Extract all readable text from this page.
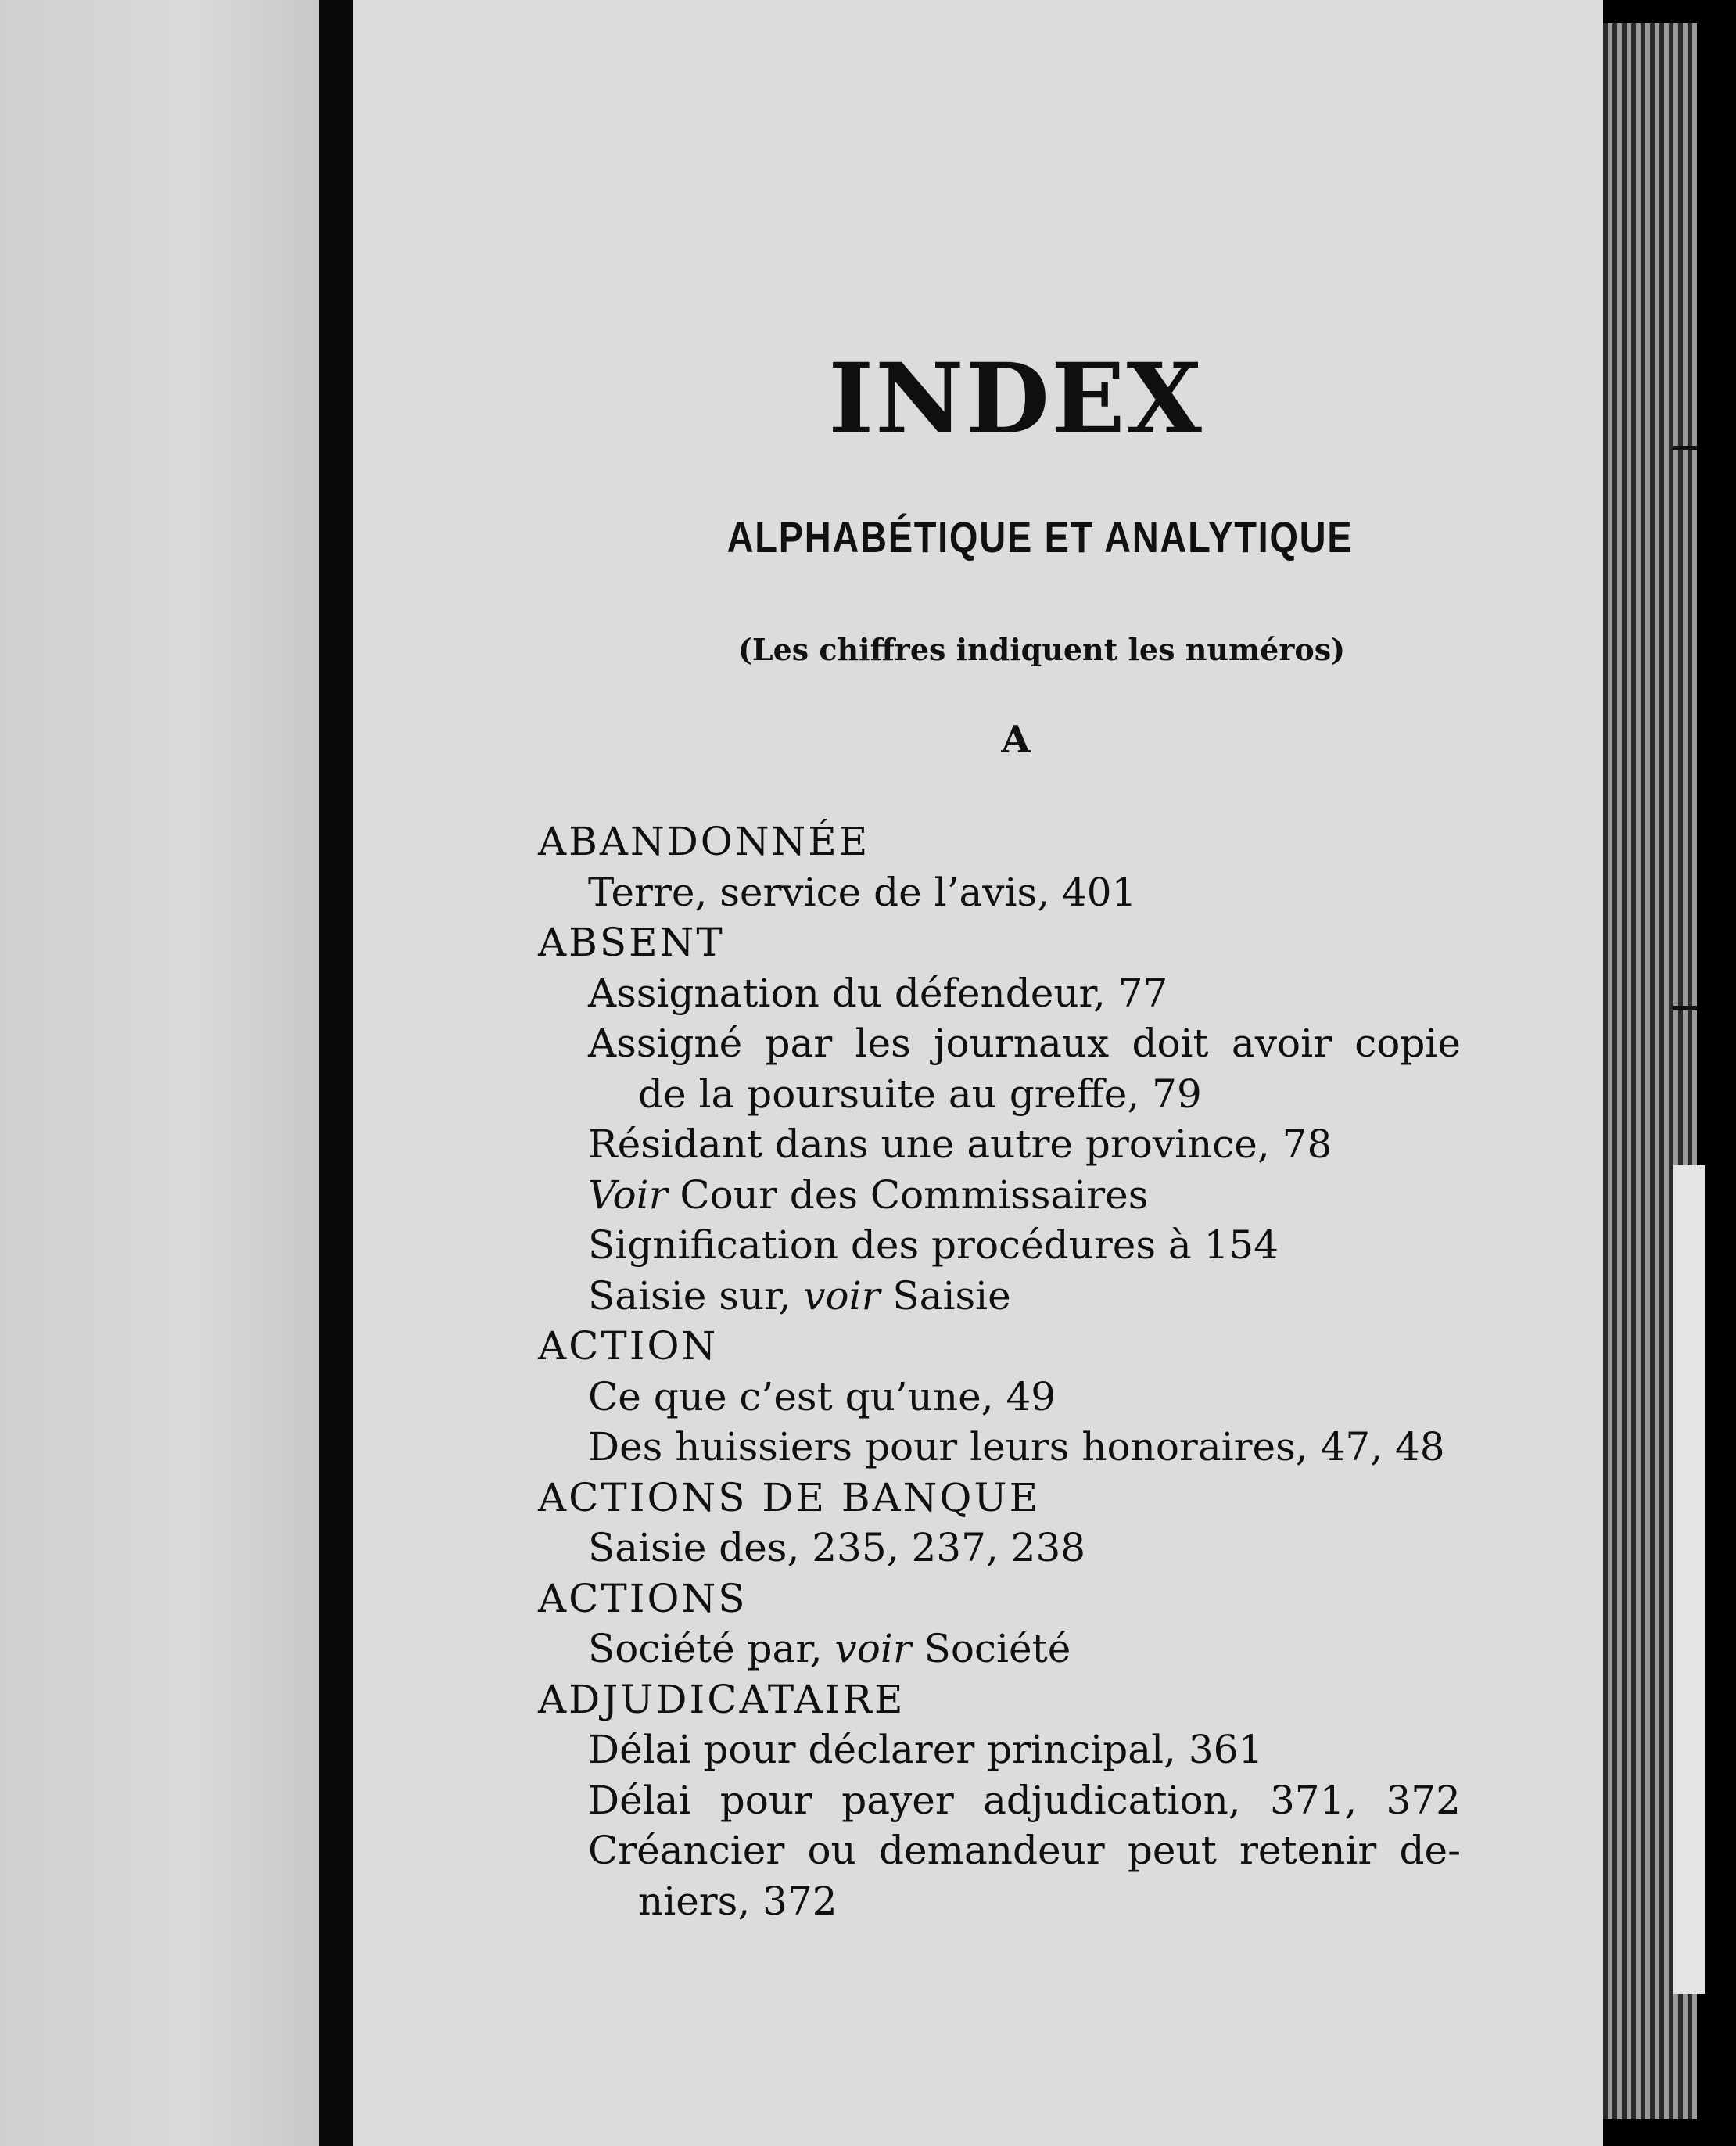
INDEX
ALPHABÉTIQUE ET ANALYTIQUE
(Les chiffres indiquent les numéros)
A
ABANDONNÉE
Terre, service de l’avis, 401
ABSENT
Assignation du défendeur, 77
Assigné par les journaux doit avoir copie
de la poursuite au greffe, 79
Résidant dans une autre province, 78
Voir Cour des Commissaires
Signification des procédures à 154
Saisie sur, voir Saisie
ACTION
Ce que c’est qu’une, 49
Des huissiers pour leurs honoraires, 47, 48
ACTIONS DE BANQUE
Saisie des, 235, 237, 238
ACTIONS
Société par, voir Société
ADJUDICATAIRE
Délai pour déclarer principal, 361
Délai pour payer adjudication, 371, 372
Créancier ou demandeur peut retenir de-
niers, 372
